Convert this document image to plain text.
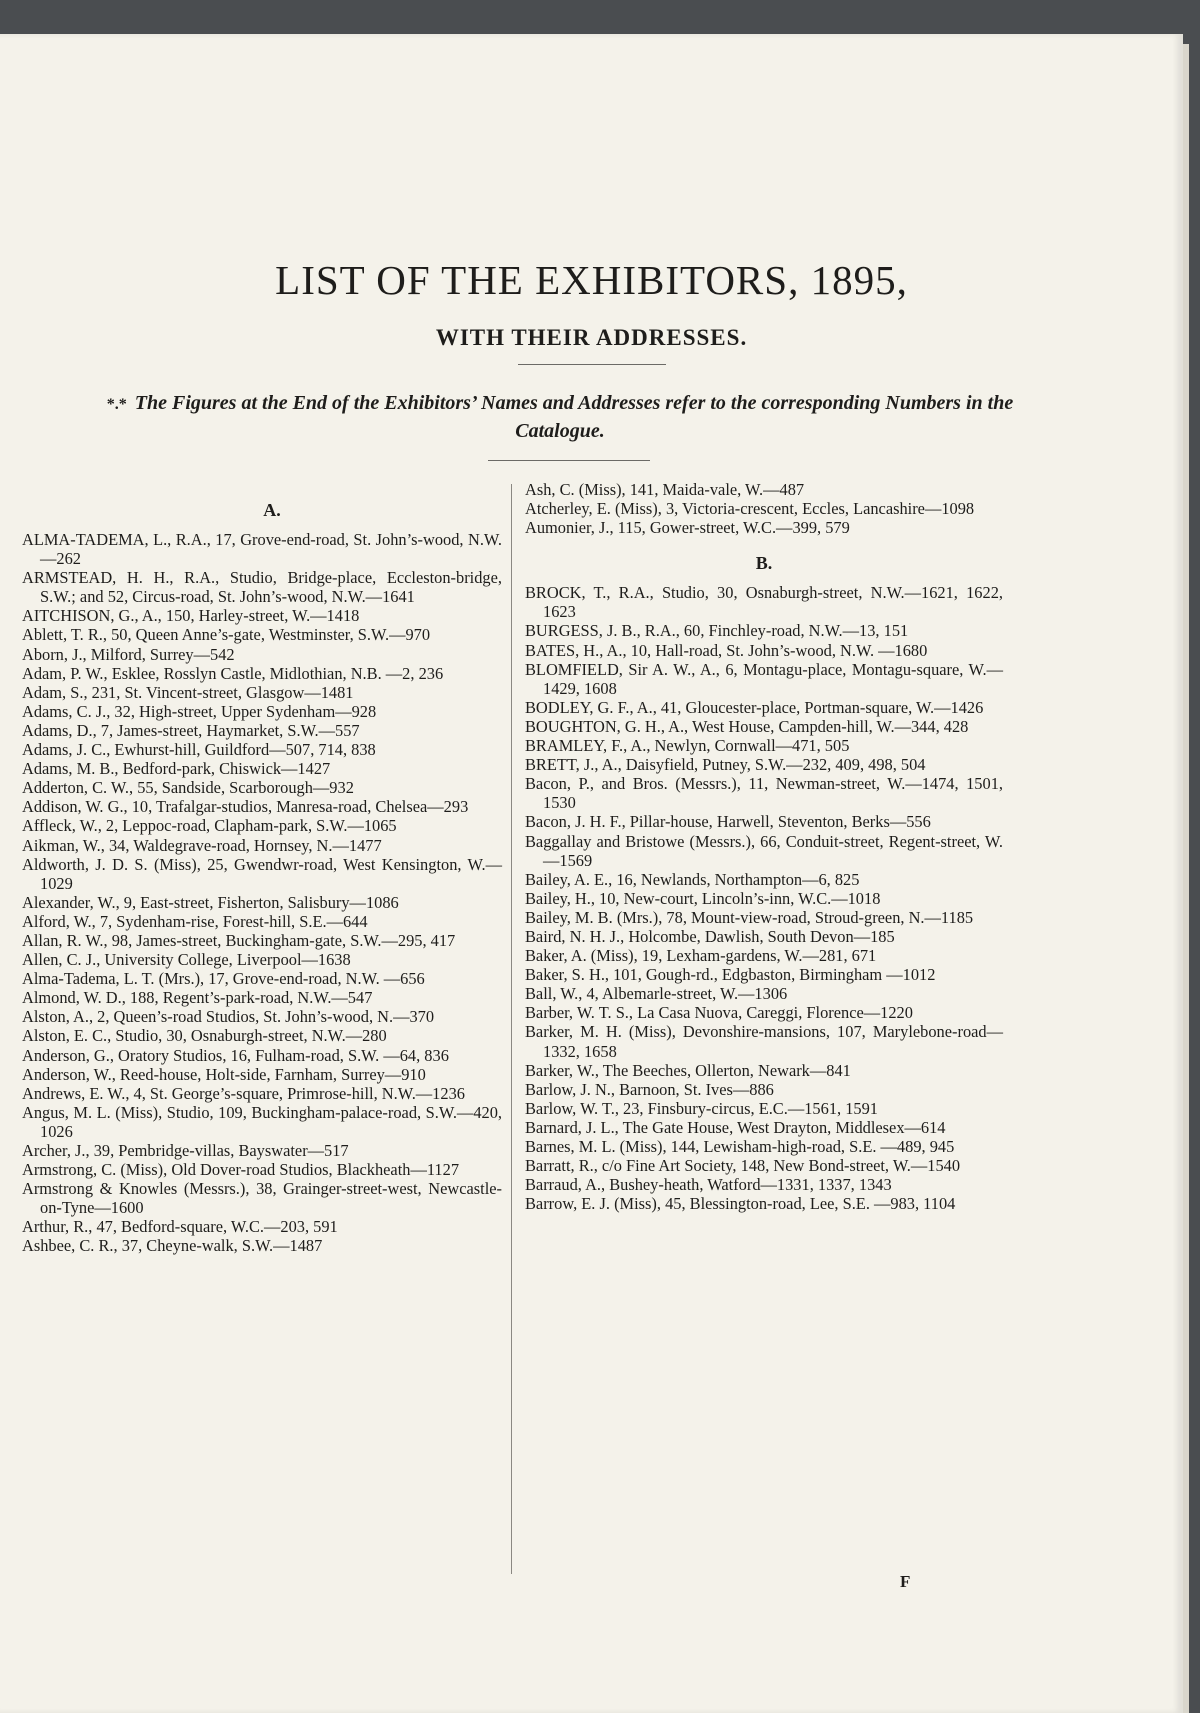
LIST OF THE EXHIBITORS, 1895,
WITH THEIR ADDRESSES.
*.* The Figures at the End of the Exhibitors’ Names and Addresses refer to the corresponding Numbers in the Catalogue.
A.

ALMA-TADEMA, L., R.A., 17, Grove-end-road, St. John’s-wood, N.W.—262

ARMSTEAD, H. H., R.A., Studio, Bridge-place, Eccleston-bridge, S.W.; and 52, Circus-road, St. John’s-wood, N.W.—1641

AITCHISON, G., A., 150, Harley-street, W.—1418

Ablett, T. R., 50, Queen Anne’s-gate, Westminster, S.W.—970

Aborn, J., Milford, Surrey—542

Adam, P. W., Esklee, Rosslyn Castle, Midlothian, N.B. —2, 236

Adam, S., 231, St. Vincent-street, Glasgow—1481

Adams, C. J., 32, High-street, Upper Sydenham—928

Adams, D., 7, James-street, Haymarket, S.W.—557

Adams, J. C., Ewhurst-hill, Guildford—507, 714, 838

Adams, M. B., Bedford-park, Chiswick—1427

Adderton, C. W., 55, Sandside, Scarborough—932

Addison, W. G., 10, Trafalgar-studios, Manresa-road, Chelsea—293

Affleck, W., 2, Leppoc-road, Clapham-park, S.W.—1065

Aikman, W., 34, Waldegrave-road, Hornsey, N.—1477

Aldworth, J. D. S. (Miss), 25, Gwendwr-road, West Kensington, W.—1029

Alexander, W., 9, East-street, Fisherton, Salisbury—1086

Alford, W., 7, Sydenham-rise, Forest-hill, S.E.—644

Allan, R. W., 98, James-street, Buckingham-gate, S.W.—295, 417

Allen, C. J., University College, Liverpool—1638

Alma-Tadema, L. T. (Mrs.), 17, Grove-end-road, N.W. —656

Almond, W. D., 188, Regent’s-park-road, N.W.—547

Alston, A., 2, Queen’s-road Studios, St. John’s-wood, N.—370

Alston, E. C., Studio, 30, Osnaburgh-street, N.W.—280

Anderson, G., Oratory Studios, 16, Fulham-road, S.W. —64, 836

Anderson, W., Reed-house, Holt-side, Farnham, Surrey—910

Andrews, E. W., 4, St. George’s-square, Primrose-hill, N.W.—1236

Angus, M. L. (Miss), Studio, 109, Buckingham-palace-road, S.W.—420, 1026

Archer, J., 39, Pembridge-villas, Bayswater—517

Armstrong, C. (Miss), Old Dover-road Studios, Blackheath—1127

Armstrong & Knowles (Messrs.), 38, Grainger-street-west, Newcastle-on-Tyne—1600

Arthur, R., 47, Bedford-square, W.C.—203, 591

Ashbee, C. R., 37, Cheyne-walk, S.W.—1487

Ash, C. (Miss), 141, Maida-vale, W.—487

Atcherley, E. (Miss), 3, Victoria-crescent, Eccles, Lancashire—1098

Aumonier, J., 115, Gower-street, W.C.—399, 579

B.

BROCK, T., R.A., Studio, 30, Osnaburgh-street, N.W.—1621, 1622, 1623

BURGESS, J. B., R.A., 60, Finchley-road, N.W.—13, 151

BATES, H., A., 10, Hall-road, St. John’s-wood, N.W. —1680

BLOMFIELD, Sir A. W., A., 6, Montagu-place, Montagu-square, W.—1429, 1608

BODLEY, G. F., A., 41, Gloucester-place, Portman-square, W.—1426

BOUGHTON, G. H., A., West House, Campden-hill, W.—344, 428

BRAMLEY, F., A., Newlyn, Cornwall—471, 505

BRETT, J., A., Daisyfield, Putney, S.W.—232, 409, 498, 504

Bacon, P., and Bros. (Messrs.), 11, Newman-street, W.—1474, 1501, 1530

Bacon, J. H. F., Pillar-house, Harwell, Steventon, Berks—556

Baggallay and Bristowe (Messrs.), 66, Conduit-street, Regent-street, W.—1569

Bailey, A. E., 16, Newlands, Northampton—6, 825

Bailey, H., 10, New-court, Lincoln’s-inn, W.C.—1018

Bailey, M. B. (Mrs.), 78, Mount-view-road, Stroud-green, N.—1185

Baird, N. H. J., Holcombe, Dawlish, South Devon—185

Baker, A. (Miss), 19, Lexham-gardens, W.—281, 671

Baker, S. H., 101, Gough-rd., Edgbaston, Birmingham —1012

Ball, W., 4, Albemarle-street, W.—1306

Barber, W. T. S., La Casa Nuova, Careggi, Florence—1220

Barker, M. H. (Miss), Devonshire-mansions, 107, Marylebone-road—1332, 1658

Barker, W., The Beeches, Ollerton, Newark—841

Barlow, J. N., Barnoon, St. Ives—886

Barlow, W. T., 23, Finsbury-circus, E.C.—1561, 1591

Barnard, J. L., The Gate House, West Drayton, Middlesex—614

Barnes, M. L. (Miss), 144, Lewisham-high-road, S.E. —489, 945

Barratt, R., c/o Fine Art Society, 148, New Bond-street, W.—1540

Barraud, A., Bushey-heath, Watford—1331, 1337, 1343

Barrow, E. J. (Miss), 45, Blessington-road, Lee, S.E. —983, 1104

F
